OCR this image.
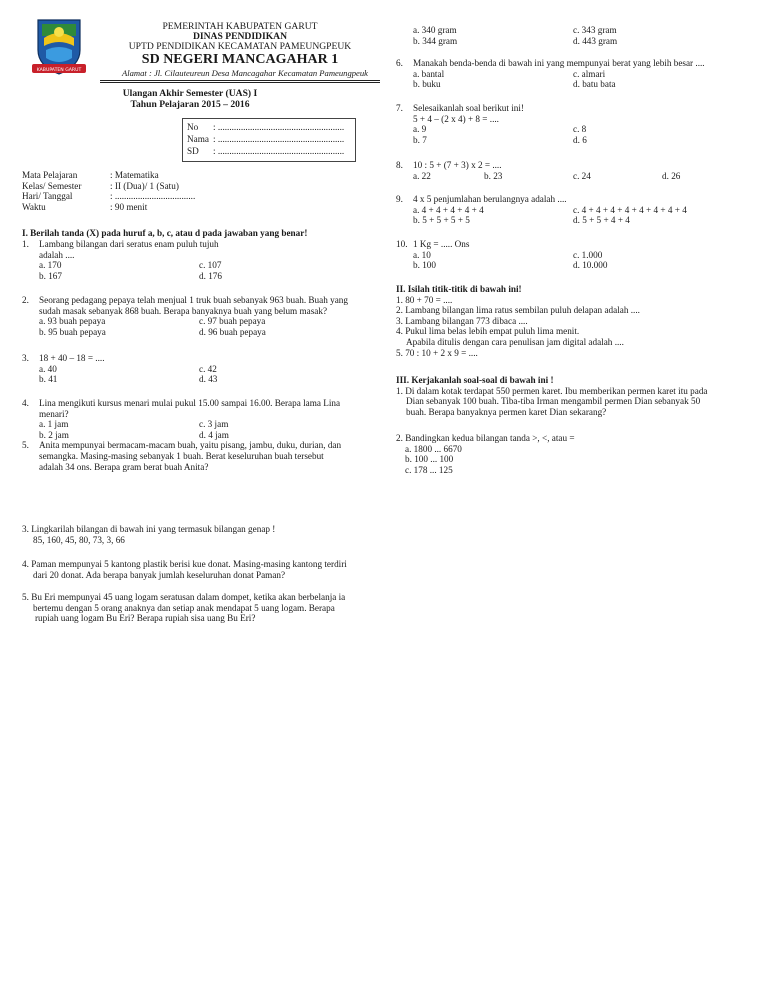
KABUPATEN GARUT
PEMERINTAH KABUPATEN GARUT
DINAS PENDIDIKAN
UPTD PENDIDIKAN KECAMATAN PAMEUNGPEUK
SD NEGERI MANCAGAHAR 1
Alamat : Jl. Cilauteureun Desa Mancagahar Kecamatan Pameungpeuk
Ulangan Akhir Semester (UAS) I
Tahun Pelajaran 2015 – 2016
No	: .......................................................
Nama : .......................................................
SD	: .......................................................
Mata Pelajaran	: Matematika
Kelas/ Semester	: II (Dua)/ 1 (Satu)
Hari/ Tanggal	: ...................................
Waktu	: 90 menit
I. Berilah tanda (X) pada huruf a, b, c, atau d pada jawaban yang benar!
1.	Lambang bilangan dari seratus enam puluh tujuh
adalah ....
a. 170	c. 107
b. 167	d. 176
2.	Seorang pedagang pepaya telah menjual 1 truk buah sebanyak 963 buah. Buah yang
sudah masak sebanyak 868 buah. Berapa banyaknya buah yang belum masak?
a. 93 buah pepaya	c. 97 buah pepaya
b. 95 buah pepaya	d. 96 buah pepaya
3.	18 + 40 – 18 = ....
a. 40	c. 42
b. 41	d. 43
4.	Lina mengikuti kursus menari mulai pukul 15.00 sampai 16.00. Berapa lama Lina
menari?
a. 1 jam	c. 3 jam
b. 2 jam	d. 4 jam
5.	Anita mempunyai bermacam-macam buah, yaitu pisang, jambu, duku, durian, dan
semangka. Masing-masing sebanyak 1 buah. Berat keseluruhan buah tersebut
adalah 34 ons. Berapa gram berat buah Anita?
3. Lingkarilah bilangan di bawah ini yang termasuk bilangan genap !
85, 160, 45, 80, 73, 3, 66
4. Paman mempunyai 5 kantong plastik berisi kue donat. Masing-masing kantong terdiri
dari 20 donat. Ada berapa banyak jumlah keseluruhan donat Paman?
5. Bu Eri mempunyai 45 uang logam seratusan dalam dompet, ketika akan berbelanja ia
bertemu dengan 5 orang anaknya dan setiap anak mendapat 5 uang logam. Berapa
rupiah uang logam Bu Eri? Berapa rupiah sisa uang Bu Eri?
a. 340 gram	c. 343 gram
b. 344 gram	d. 443 gram
6.	Manakah benda-benda di bawah ini yang mempunyai berat yang lebih besar ....
a. bantal	c. almari
b. buku	d. batu bata
7.	Selesaikanlah soal berikut ini!
5 + 4 – (2 x 4) + 8 = ....
a. 9	c. 8
b. 7	d. 6
8.	10 : 5 + (7 + 3) x 2 = ....
a. 22	b. 23	c. 24	d. 26
9.	4 x 5 penjumlahan berulangnya adalah ....
a. 4 + 4 + 4 + 4 + 4	c. 4 + 4 + 4 + 4 + 4 + 4 + 4 + 4
b. 5 + 5 + 5 + 5	d. 5 + 5 + 4 + 4
10. 1 Kg = ..... Ons
a. 10	c. 1.000
b. 100	d. 10.000
II. Isilah titik-titik di bawah ini!
1. 80 + 70 = ....
2. Lambang bilangan lima ratus sembilan puluh delapan adalah ....
3. Lambang bilangan 773 dibaca ....
4. Pukul lima belas lebih empat puluh lima menit.
Apabila ditulis dengan cara penulisan jam digital adalah ....
5. 70 : 10 + 2 x 9 = ....
III. Kerjakanlah soal-soal di bawah ini !
1. Di dalam kotak terdapat 550 permen karet. Ibu memberikan permen karet itu pada
Dian sebanyak 100 buah. Tiba-tiba Irman mengambil permen Dian sebanyak 50
buah. Berapa banyaknya permen karet Dian sekarang?
2. Bandingkan kedua bilangan tanda >, <, atau =
a. 1800 ... 6670
b. 100 ... 100
c. 178 ... 125
